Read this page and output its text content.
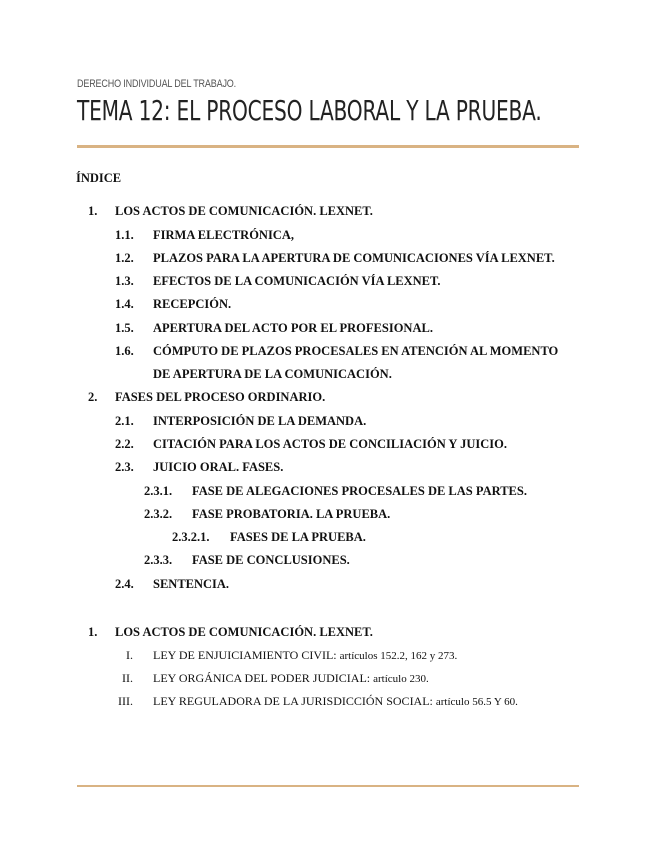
DERECHO INDIVIDUAL DEL TRABAJO.
TEMA 12: EL PROCESO LABORAL Y LA PRUEBA.
ÍNDICE
1. LOS ACTOS DE COMUNICACIÓN. LEXNET.
1.1. FIRMA ELECTRÓNICA,
1.2. PLAZOS PARA LA APERTURA DE COMUNICACIONES VÍA LEXNET.
1.3. EFECTOS DE LA COMUNICACIÓN VÍA LEXNET.
1.4. RECEPCIÓN.
1.5. APERTURA DEL ACTO POR EL PROFESIONAL.
1.6. CÓMPUTO DE PLAZOS PROCESALES EN ATENCIÓN AL MOMENTO
DE APERTURA DE LA COMUNICACIÓN.
2. FASES DEL PROCESO ORDINARIO.
2.1. INTERPOSICIÓN DE LA DEMANDA.
2.2. CITACIÓN PARA LOS ACTOS DE CONCILIACIÓN Y JUICIO.
2.3. JUICIO ORAL. FASES.
2.3.1. FASE DE ALEGACIONES PROCESALES DE LAS PARTES.
2.3.2. FASE PROBATORIA. LA PRUEBA.
2.3.2.1. FASES DE LA PRUEBA.
2.3.3. FASE DE CONCLUSIONES.
2.4. SENTENCIA.
1. LOS ACTOS DE COMUNICACIÓN. LEXNET.
I. LEY DE ENJUICIAMIENTO CIVIL: artículos 152.2, 162 y 273.
II. LEY ORGÁNICA DEL PODER JUDICIAL: artículo 230.
III. LEY REGULADORA DE LA JURISDICCIÓN SOCIAL: artículo 56.5 Y 60.
